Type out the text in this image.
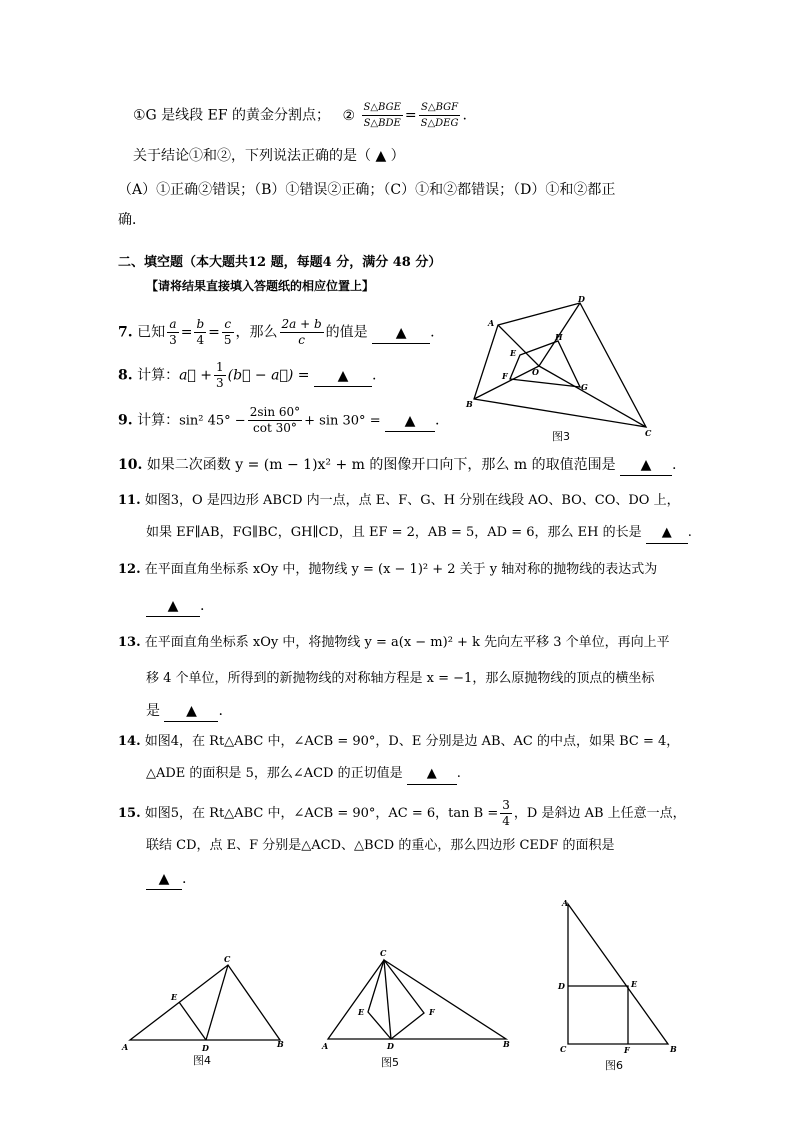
①G 是线段 EF 的黄金分割点； ② $\frac{\text{S△BGE}}{\text{S△BDE}} = \frac{\text{S△BGF}}{\text{S△DEG}}$ .
关于结论①和②，下列说法正确的是（ ▲ ）
（A）①正确②错误；（B）①错误②正确；（C）①和②都错误；（D）①和②都正
确．
二、填空题（本大题共12 题，每题4 分，满分 48 分）
【请将结果直接填入答题纸的相应位置上】
7. 已知 $\frac{a}{3} = \frac{b}{4} = \frac{c}{5}$ ，那么 $\frac{2a + b}{c}$ 的值是 ▲ .
8. 计算：a⃗ + $\frac{1}{3}$ (b⃗ − a⃗) = ▲ .
9. 计算：sin² $45^\circ - \frac{2\sin 60^\circ}{\cot 30^\circ} + \sin 30^\circ$ = ▲ .
A
B
C
D
E
F
G
H
O
图3
10. 如果二次函数 y = (m − 1)x² + m 的图像开口向下，那么 m 的取值范围是 ▲ .
11. 如图3，O 是四边形 ABCD 内一点，点 E、F、G、H 分别在线段 AO、BO、CO、DO 上，
如果 EF∥AB，FG∥BC，GH∥CD，且 EF = 2，AB = 5，AD = 6，那么 EH 的长是 ▲ .
12. 在平面直角坐标系 xOy 中，抛物线 y = (x − 1)² + 2 关于 y 轴对称的抛物线的表达式为
▲ .
13. 在平面直角坐标系 xOy 中，将抛物线 y = a(x − m)² + k 先向左平移 3 个单位，再向上平
移 4 个单位，所得到的新抛物线的对称轴方程是 x = −1，那么原抛物线的顶点的横坐标
是 ▲ .
14. 如图4，在 Rt△ABC 中，∠ACB = 90°，D、E 分别是边 AB、AC 的中点，如果 BC = 4，
△ADE 的面积是 5，那么∠ACD 的正切值是 ▲ .
15. 如图5，在 Rt△ABC 中，∠ACB = 90°，AC = 6，$\tan B = \frac{3}{4}$ ，D 是斜边 AB 上任意一点，
联结 CD，点 E、F 分别是△ACD、△BCD 的重心，那么四边形 CEDF 的面积是
▲ .
A	B
C
D
E
图4
A	B
C
D
E	F
图5
A
B
C
D	E
F
图6
